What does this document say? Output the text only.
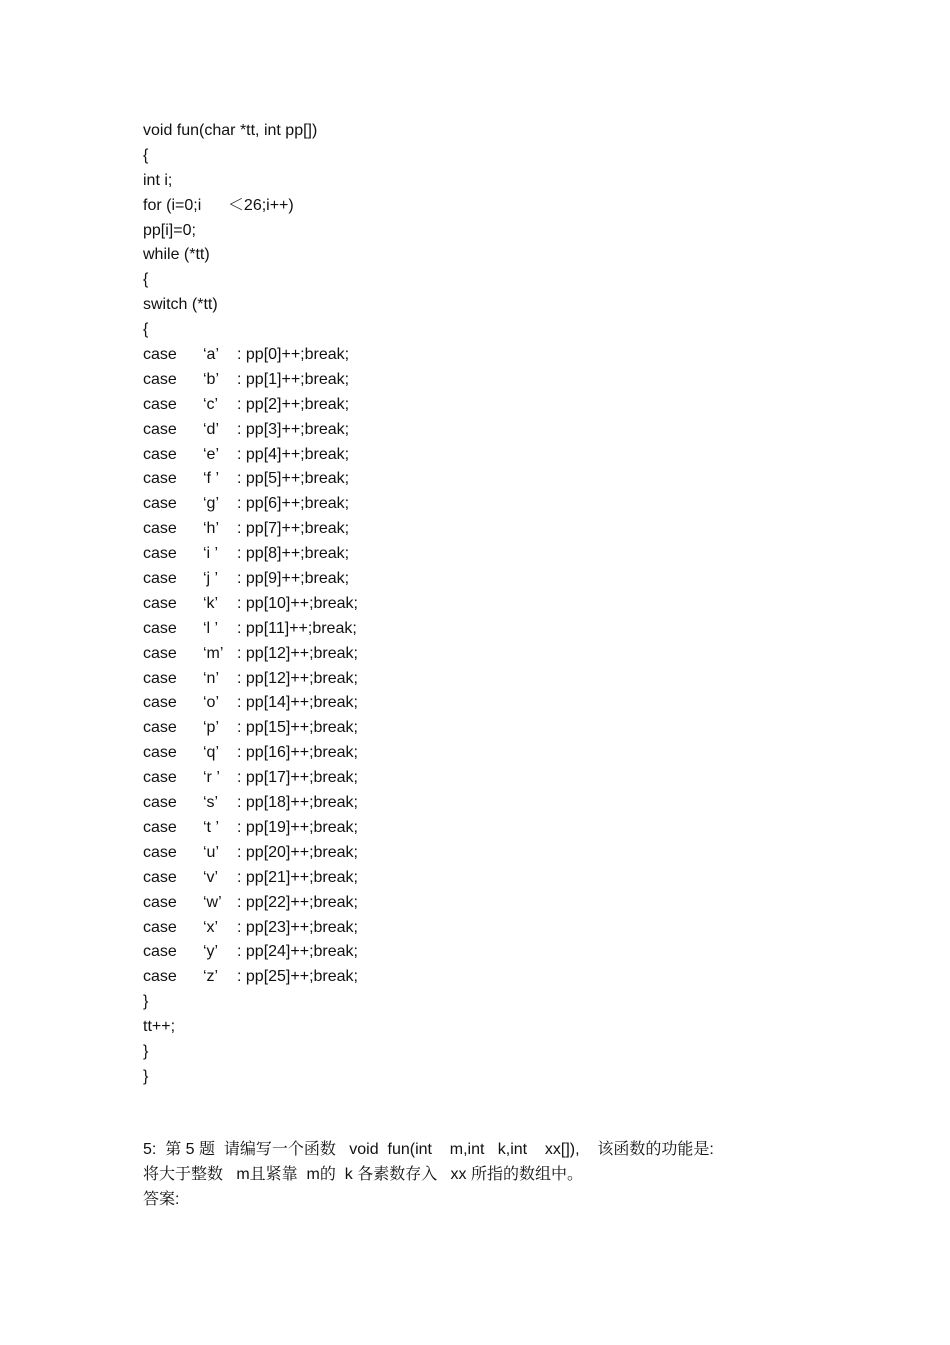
void fun(char *tt, int pp[])
{
int i;
for (i=0;i      ＜26;i++)
pp[i]=0;
while (*tt)
{
switch (*tt)
{
case	‘a’	: pp[0]++;break;
case	‘b’	: pp[1]++;break;
case	‘c’	: pp[2]++;break;
case	‘d’	: pp[3]++;break;
case	‘e’	: pp[4]++;break;
case	‘f ’	: pp[5]++;break;
case	‘g’	: pp[6]++;break;
case	‘h’	: pp[7]++;break;
case	‘i ’	: pp[8]++;break;
case	‘j ’	: pp[9]++;break;
case	‘k’	: pp[10]++;break;
case	‘l ’	: pp[11]++;break;
case	‘m’ : pp[12]++;break;
case	‘n’	: pp[12]++;break;
case	‘o’	: pp[14]++;break;
case	‘p’	: pp[15]++;break;
case	‘q’	: pp[16]++;break;
case	‘r ’	: pp[17]++;break;
case	‘s’	: pp[18]++;break;
case	‘t ’	: pp[19]++;break;
case	‘u’	: pp[20]++;break;
case	‘v’	: pp[21]++;break;
case	‘w’ : pp[22]++;break;
case	‘x’	: pp[23]++;break;
case	‘y’	: pp[24]++;break;
case	‘z’	: pp[25]++;break;
}
tt++;
}
}
5:  第 5 题  请编写一个函数   void  fun(int    m,int   k,int    xx[]),    该函数的功能是:
将大于整数   m且紧靠  m的  k 各素数存入   xx 所指的数组中。
答案:
